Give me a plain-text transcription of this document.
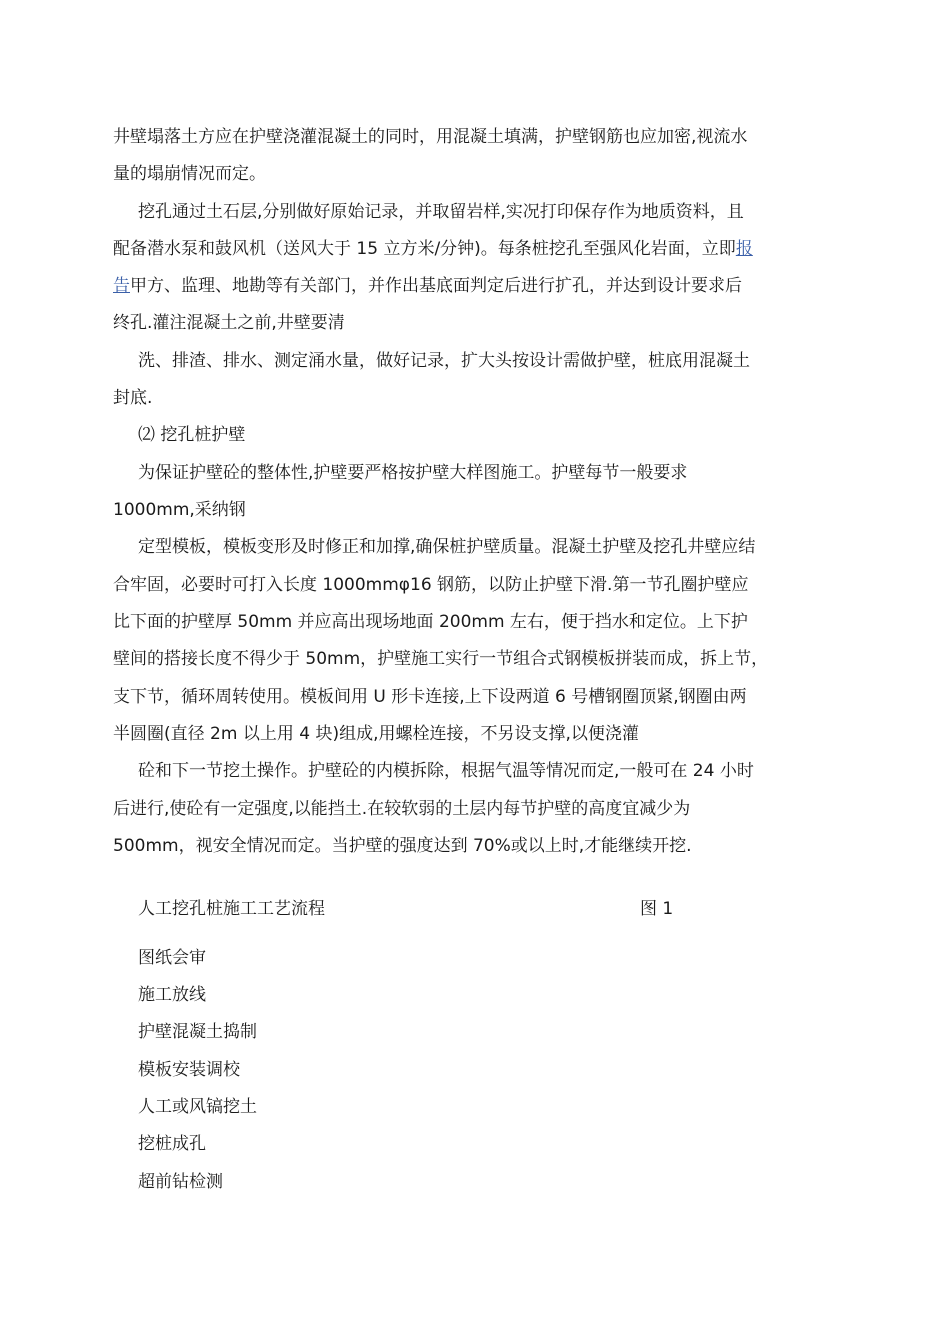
井壁塌落土方应在护壁浇灌混凝土的同时，用混凝土填满，护壁钢筋也应加密,视流水
量的塌崩情况而定。
挖孔通过土石层,分别做好原始记录，并取留岩样,实况打印保存作为地质资料，且
配备潜水泵和鼓风机（送风大于 15 立方米/分钟)。每条桩挖孔至强风化岩面，立即报
告甲方、监理、地勘等有关部门，并作出基底面判定后进行扩孔，并达到设计要求后
终孔.灌注混凝土之前,井壁要清
洗、排渣、排水、测定涌水量，做好记录，扩大头按设计需做护壁，桩底用混凝土
封底.
⑵ 挖孔桩护壁
为保证护壁砼的整体性,护壁要严格按护壁大样图施工。护壁每节一般要求
1000mm,采纳钢
定型模板，模板变形及时修正和加撑,确保桩护壁质量。混凝土护壁及挖孔井壁应结
合牢固，必要时可打入长度 1000mmφ16 钢筋，以防止护壁下滑.第一节孔圈护壁应
比下面的护壁厚 50mm 并应高出现场地面 200mm 左右，便于挡水和定位。上下护
壁间的搭接长度不得少于 50mm，护壁施工实行一节组合式钢模板拼装而成，拆上节，
支下节，循环周转使用。模板间用 U 形卡连接,上下设两道 6 号槽钢圈顶紧,钢圈由两
半圆圈(直径 2m 以上用 4 块)组成,用螺栓连接，不另设支撑,以便浇灌
砼和下一节挖土操作。护壁砼的内模拆除，根据气温等情况而定,一般可在 24 小时
后进行,使砼有一定强度,以能挡土.在较软弱的土层内每节护壁的高度宜减少为
500mm，视安全情况而定。当护壁的强度达到 70%或以上时,才能继续开挖.
人工挖孔桩施工工艺流程	图 1
图纸会审
施工放线
护壁混凝土捣制
模板安装调校
人工或风镐挖土
挖桩成孔
超前钻检测
